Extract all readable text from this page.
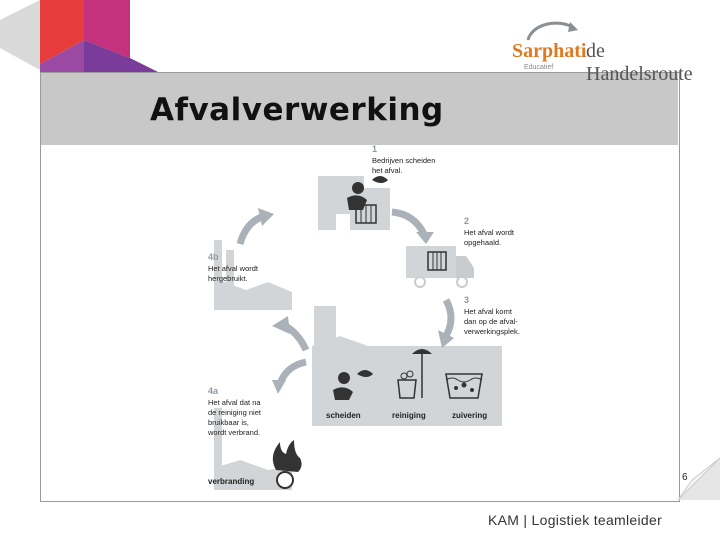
Afvalverwerking
Sarphati de Handelsroute
Educatief
1
Bedrijven scheiden
het afval.
2
Het afval wordt
opgehaald.
3
Het afval komt
dan op de afval-
verwerkingsplek.
4b
Het afval wordt
hergebruikt.
4a
Het afval dat na
de reiniging niet
bruikbaar is,
wordt verbrand.
scheiden	reiniging	zuivering
verbranding	6
KAM | Logistiek teamleider
